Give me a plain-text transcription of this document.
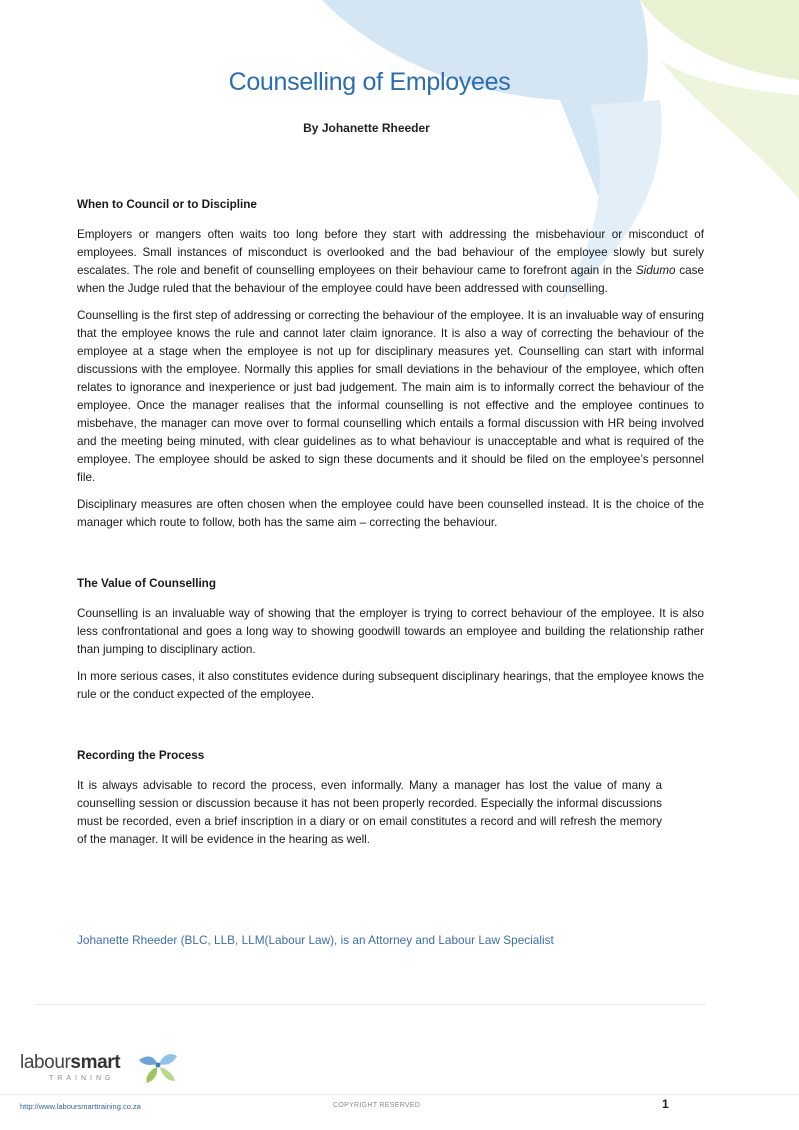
Counselling of Employees
By Johanette Rheeder
When to Council or to Discipline

Employers or mangers often waits too long before they start with addressing the misbehaviour or misconduct of employees. Small instances of misconduct is overlooked and the bad behaviour of the employee slowly but surely escalates. The role and benefit of counselling employees on their behaviour came to forefront again in the Sidumo case when the Judge ruled that the behaviour of the employee could have been addressed with counselling.

Counselling is the first step of addressing or correcting the behaviour of the employee. It is an invaluable way of ensuring that the employee knows the rule and cannot later claim ignorance. It is also a way of correcting the behaviour of the employee at a stage when the employee is not up for disciplinary measures yet. Counselling can start with informal discussions with the employee. Normally this applies for small deviations in the behaviour of the employee, which often relates to ignorance and inexperience or just bad judgement. The main aim is to informally correct the behaviour of the employee. Once the manager realises that the informal counselling is not effective and the employee continues to misbehave, the manager can move over to formal counselling which entails a formal discussion with HR being involved and the meeting being minuted, with clear guidelines as to what behaviour is unacceptable and what is required of the employee. The employee should be asked to sign these documents and it should be filed on the employee’s personnel file.

Disciplinary measures are often chosen when the employee could have been counselled instead. It is the choice of the manager which route to follow, both has the same aim – correcting the behaviour.

The Value of Counselling

Counselling is an invaluable way of showing that the employer is trying to correct behaviour of the employee. It is also less confrontational and goes a long way to showing goodwill towards an employee and building the relationship rather than jumping to disciplinary action.

In more serious cases, it also constitutes evidence during subsequent disciplinary hearings, that the employee knows the rule or the conduct expected of the employee.

Recording the Process

It is always advisable to record the process, even informally. Many a manager has lost the value of many a counselling session or discussion because it has not been properly recorded. Especially the informal discussions must be recorded, even a brief inscription in a diary or on email constitutes a record and will refresh the memory of the manager. It will be evidence in the hearing as well.

Johanette Rheeder (BLC, LLB, LLM(Labour Law), is an Attorney and Labour Law Specialist
laboursmart
TRAINING
http://www.laboursmarttraining.co.za	COPYRIGHT RESERVED	1
